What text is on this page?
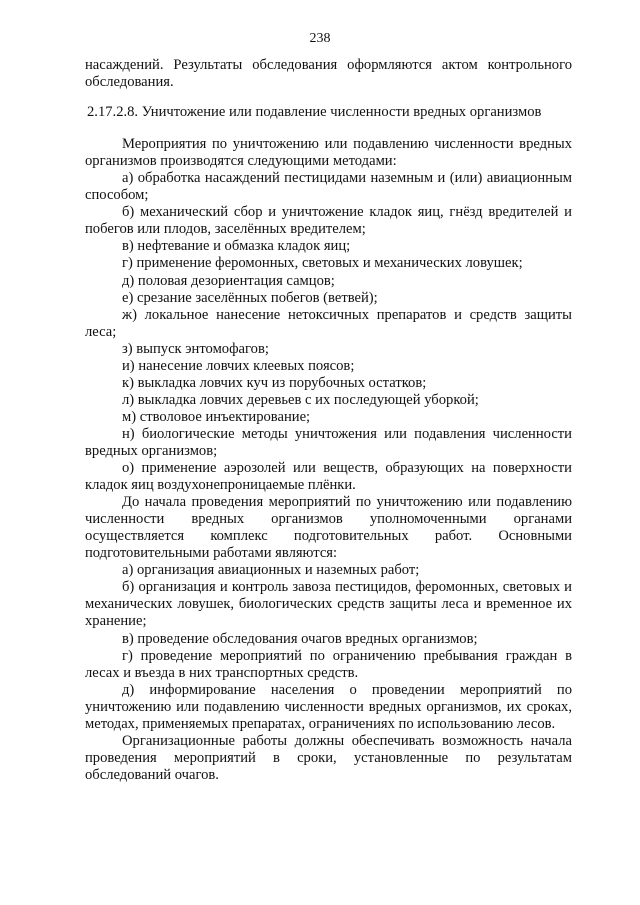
238

насаждений. Результаты обследования оформляются актом контрольного обследования.

2.17.2.8. Уничтожение или подавление численности вредных организмов

Мероприятия по уничтожению или подавлению численности вредных организмов производятся следующими методами:

а) обработка насаждений пестицидами наземным и (или) авиационным способом;

б) механический сбор и уничтожение кладок яиц, гнёзд вредителей и побегов или плодов, заселённых вредителем;

в) нефтевание и обмазка кладок яиц;

г) применение феромонных, световых и механических ловушек;

д) половая дезориентация самцов;

е) срезание заселённых побегов (ветвей);

ж) локальное нанесение нетоксичных препаратов и средств защиты леса;

з) выпуск энтомофагов;

и) нанесение ловчих клеевых поясов;

к) выкладка ловчих куч из порубочных остатков;

л) выкладка ловчих деревьев с их последующей уборкой;

м) стволовое инъектирование;

н) биологические методы уничтожения или подавления численности вредных организмов;

о) применение аэрозолей или веществ, образующих на поверхности кладок яиц воздухонепроницаемые плёнки.

До начала проведения мероприятий по уничтожению или подавлению численности вредных организмов уполномоченными органами осуществляется комплекс подготовительных работ. Основными подготовительными работами являются:

а) организация авиационных и наземных работ;

б) организация и контроль завоза пестицидов, феромонных, световых и механических ловушек, биологических средств защиты леса и временное их хранение;

в) проведение обследования очагов вредных организмов;

г) проведение мероприятий по ограничению пребывания граждан в лесах и въезда в них транспортных средств.

д) информирование населения о проведении мероприятий по уничтожению или подавлению численности вредных организмов, их сроках, методах, применяемых препаратах, ограничениях по использованию лесов.

Организационные работы должны обеспечивать возможность начала проведения мероприятий в сроки, установленные по результатам обследований очагов.
